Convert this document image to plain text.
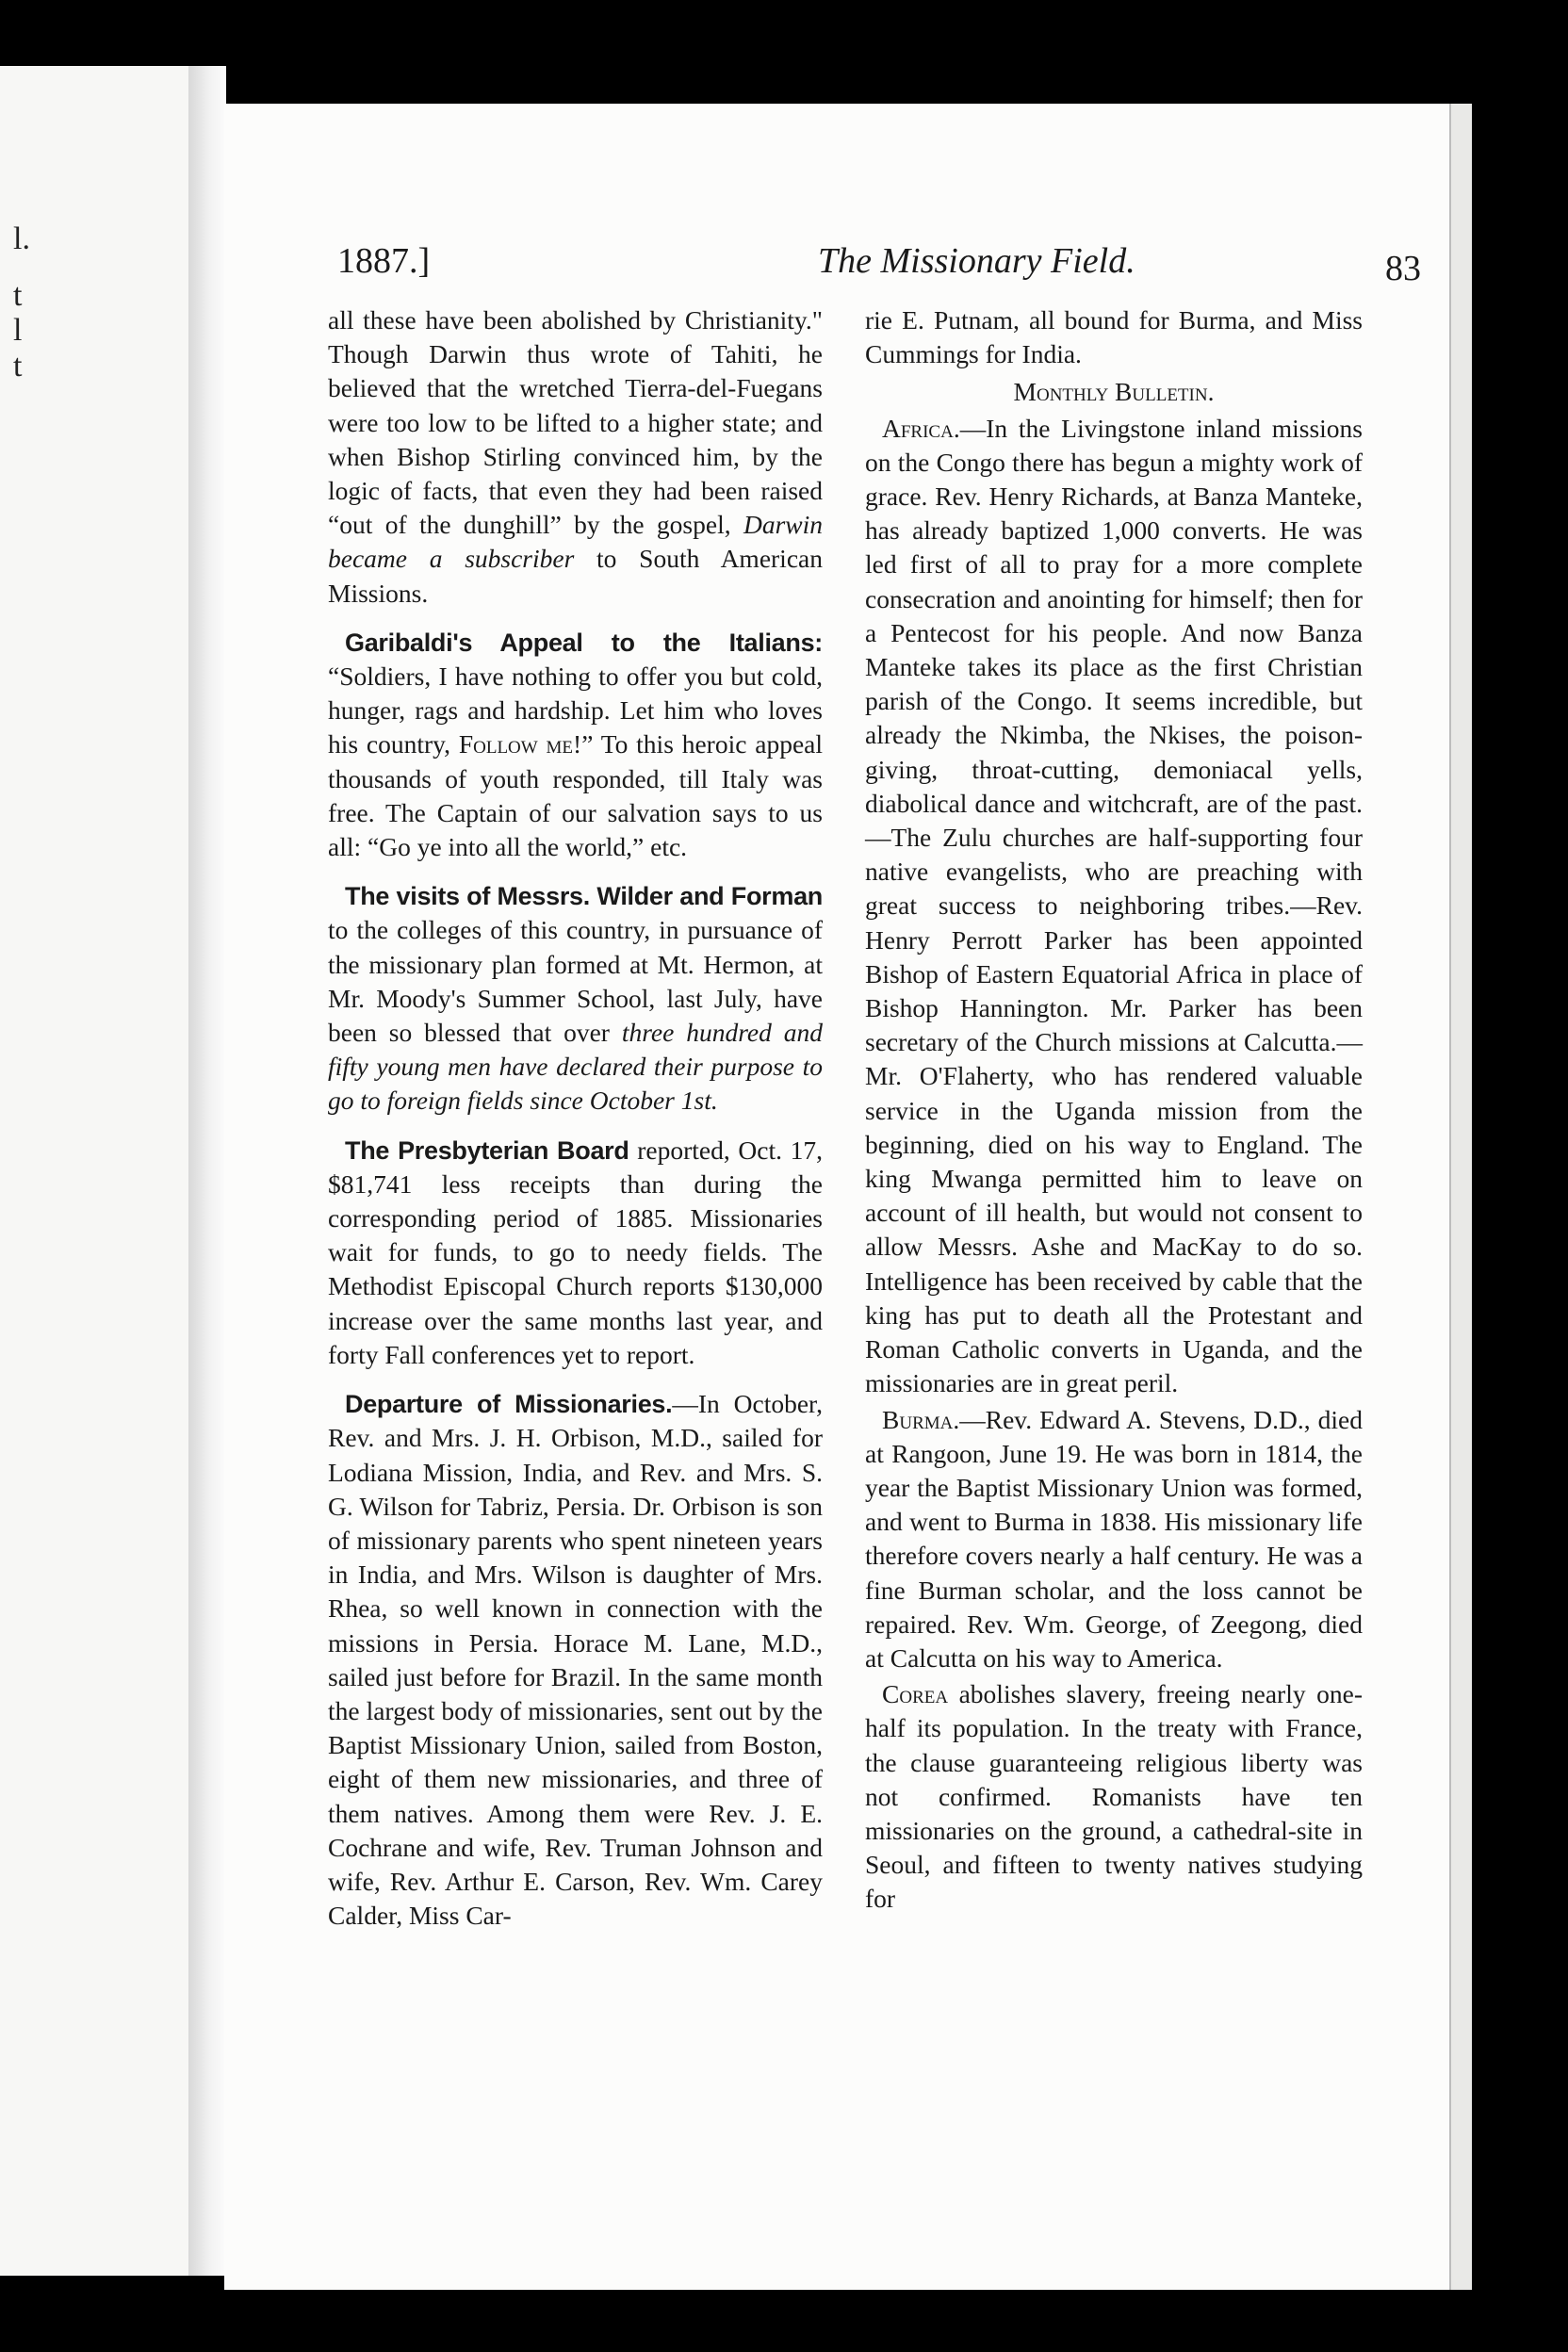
l.
t
l
t
1887.]	The Missionary Field.	83

all these have been abolished by Christianity." Though Darwin thus wrote of Tahiti, he believed that the wretched Tierra-del-Fuegans were too low to be lifted to a higher state; and when Bishop Stirling convinced him, by the logic of facts, that even they had been raised “out of the dunghill” by the gospel, Darwin became a subscriber to South American Missions.

Garibaldi's Appeal to the Italians: “Soldiers, I have nothing to offer you but cold, hunger, rags and hardship. Let him who loves his country, Follow me!” To this heroic appeal thousands of youth responded, till Italy was free. The Captain of our salvation says to us all: “Go ye into all the world,” etc.

The visits of Messrs. Wilder and Forman to the colleges of this country, in pursuance of the missionary plan formed at Mt. Hermon, at Mr. Moody's Summer School, last July, have been so blessed that over three hundred and fifty young men have declared their purpose to go to foreign fields since October 1st.

The Presbyterian Board reported, Oct. 17, $81,741 less receipts than during the corresponding period of 1885. Missionaries wait for funds, to go to needy fields. The Methodist Episcopal Church reports $130,000 increase over the same months last year, and forty Fall conferences yet to report.

Departure of Missionaries.—In October, Rev. and Mrs. J. H. Orbison, M.D., sailed for Lodiana Mission, India, and Rev. and Mrs. S. G. Wilson for Tabriz, Persia. Dr. Orbison is son of missionary parents who spent nineteen years in India, and Mrs. Wilson is daughter of Mrs. Rhea, so well known in connection with the missions in Persia. Horace M. Lane, M.D., sailed just before for Brazil. In the same month the largest body of missionaries, sent out by the Baptist Missionary Union, sailed from Boston, eight of them new missionaries, and three of them natives. Among them were Rev. J. E. Cochrane and wife, Rev. Truman Johnson and wife, Rev. Arthur E. Carson, Rev. Wm. Carey Calder, Miss Car-

rie E. Putnam, all bound for Burma, and Miss Cummings for India.

Monthly Bulletin.

Africa.—In the Livingstone inland missions on the Congo there has begun a mighty work of grace. Rev. Henry Richards, at Banza Manteke, has already baptized 1,000 converts. He was led first of all to pray for a more complete consecration and anointing for himself; then for a Pentecost for his people. And now Banza Manteke takes its place as the first Christian parish of the Congo. It seems incredible, but already the Nkimba, the Nkises, the poison-giving, throat-cutting, demoniacal yells, diabolical dance and witchcraft, are of the past.—The Zulu churches are half-supporting four native evangelists, who are preaching with great success to neighboring tribes.—Rev. Henry Perrott Parker has been appointed Bishop of Eastern Equatorial Africa in place of Bishop Hannington. Mr. Parker has been secretary of the Church missions at Calcutta.—Mr. O'Flaherty, who has rendered valuable service in the Uganda mission from the beginning, died on his way to England. The king Mwanga permitted him to leave on account of ill health, but would not consent to allow Messrs. Ashe and MacKay to do so. Intelligence has been received by cable that the king has put to death all the Protestant and Roman Catholic converts in Uganda, and the missionaries are in great peril.

Burma.—Rev. Edward A. Stevens, D.D., died at Rangoon, June 19. He was born in 1814, the year the Baptist Missionary Union was formed, and went to Burma in 1838. His missionary life therefore covers nearly a half century. He was a fine Burman scholar, and the loss cannot be repaired. Rev. Wm. George, of Zeegong, died at Calcutta on his way to America.

Corea abolishes slavery, freeing nearly one-half its population. In the treaty with France, the clause guaranteeing religious liberty was not confirmed. Romanists have ten missionaries on the ground, a cathedral-site in Seoul, and fifteen to twenty natives studying for
